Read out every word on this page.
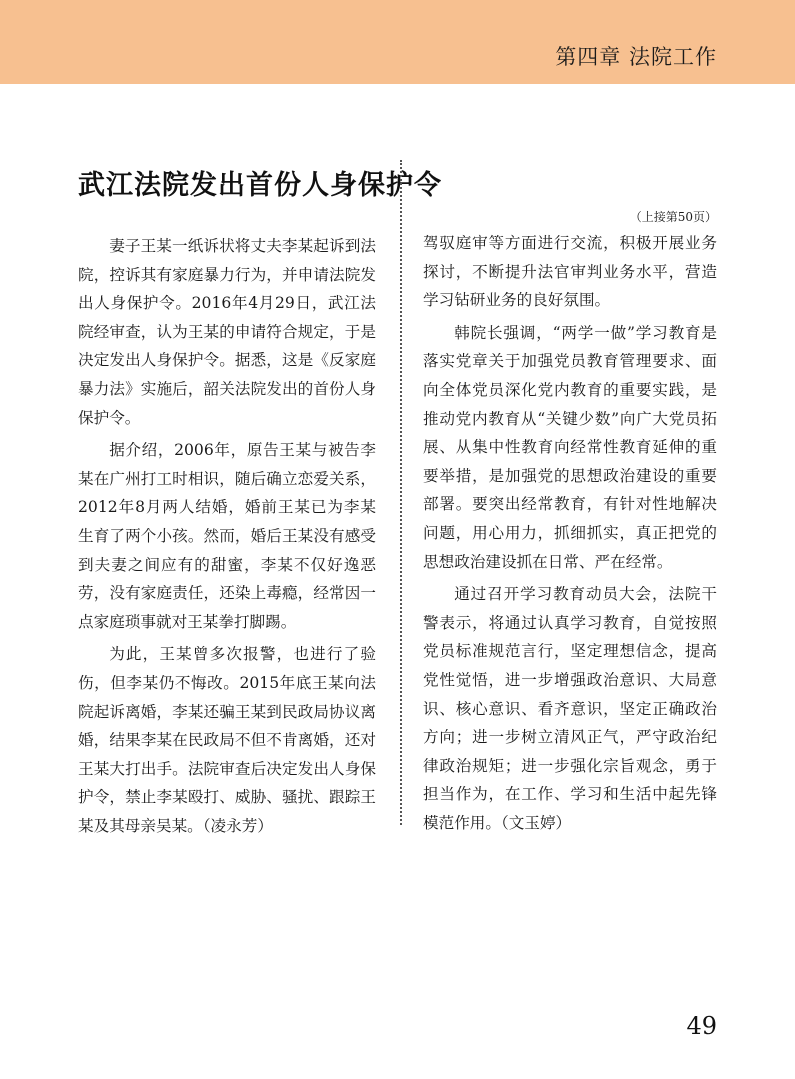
第四章 法院工作
武江法院发出首份人身保护令

妻子王某一纸诉状将丈夫李某起诉到法院，控诉其有家庭暴力行为，并申请法院发出人身保护令。2016年4月29日，武江法院经审查，认为王某的申请符合规定，于是决定发出人身保护令。据悉，这是《反家庭暴力法》实施后，韶关法院发出的首份人身保护令。

据介绍，2006年，原告王某与被告李某在广州打工时相识，随后确立恋爱关系，2012年8月两人结婚，婚前王某已为李某生育了两个小孩。然而，婚后王某没有感受到夫妻之间应有的甜蜜，李某不仅好逸恶劳，没有家庭责任，还染上毒瘾，经常因一点家庭琐事就对王某拳打脚踢。

为此，王某曾多次报警，也进行了验伤，但李某仍不悔改。2015年底王某向法院起诉离婚，李某还骗王某到民政局协议离婚，结果李某在民政局不但不肯离婚，还对王某大打出手。法院审查后决定发出人身保护令，禁止李某殴打、威胁、骚扰、跟踪王某及其母亲吴某。（凌永芳）

（上接第50页）

驾驭庭审等方面进行交流，积极开展业务探讨，不断提升法官审判业务水平，营造学习钻研业务的良好氛围。

韩院长强调，“两学一做”学习教育是落实党章关于加强党员教育管理要求、面向全体党员深化党内教育的重要实践，是推动党内教育从“关键少数”向广大党员拓展、从集中性教育向经常性教育延伸的重要举措，是加强党的思想政治建设的重要部署。要突出经常教育，有针对性地解决问题，用心用力，抓细抓实，真正把党的思想政治建设抓在日常、严在经常。

通过召开学习教育动员大会，法院干警表示，将通过认真学习教育，自觉按照党员标准规范言行，坚定理想信念，提高党性觉悟，进一步增强政治意识、大局意识、核心意识、看齐意识，坚定正确政治方向；进一步树立清风正气，严守政治纪律政治规矩；进一步强化宗旨观念，勇于担当作为，在工作、学习和生活中起先锋模范作用。（文玉婷）

49
